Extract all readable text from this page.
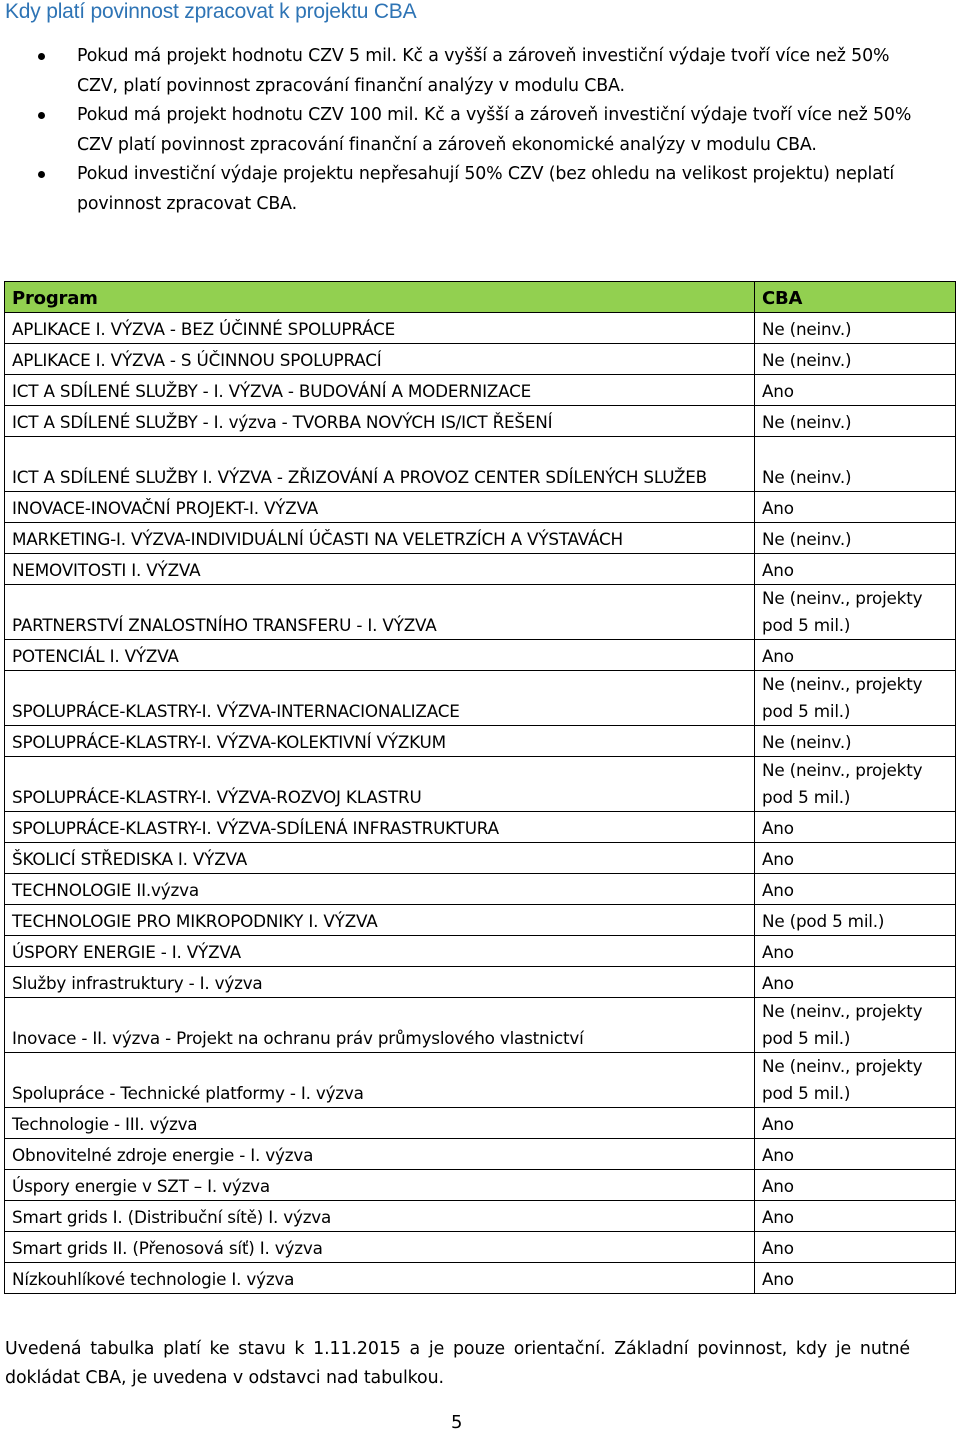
Kdy platí povinnost zpracovat k projektu CBA
Pokud má projekt hodnotu CZV 5 mil. Kč a vyšší a zároveň investiční výdaje tvoří více než 50% CZV, platí povinnost zpracování finanční analýzy v modulu CBA.
Pokud má projekt hodnotu CZV 100 mil. Kč a vyšší a zároveň investiční výdaje tvoří více než 50% CZV platí povinnost zpracování finanční a zároveň ekonomické analýzy v modulu CBA.
Pokud investiční výdaje projektu nepřesahují 50% CZV (bez ohledu na velikost projektu) neplatí povinnost zpracovat CBA.
Program	CBA
APLIKACE I. VÝZVA - BEZ ÚČINNÉ SPOLUPRÁCE	Ne (neinv.)
APLIKACE I. VÝZVA - S ÚČINNOU SPOLUPRACÍ	Ne (neinv.)
ICT A SDÍLENÉ SLUŽBY - I. VÝZVA - BUDOVÁNÍ A MODERNIZACE	Ano
ICT A SDÍLENÉ SLUŽBY - I. výzva - TVORBA NOVÝCH IS/ICT ŘEŠENÍ	Ne (neinv.)
ICT A SDÍLENÉ SLUŽBY I. VÝZVA - ZŘIZOVÁNÍ A PROVOZ CENTER SDÍLENÝCH SLUŽEB	Ne (neinv.)
INOVACE-INOVAČNÍ PROJEKT-I. VÝZVA	Ano
MARKETING-I. VÝZVA-INDIVIDUÁLNÍ ÚČASTI NA VELETRZÍCH A VÝSTAVÁCH	Ne (neinv.)
NEMOVITOSTI I. VÝZVA	Ano
PARTNERSTVÍ ZNALOSTNÍHO TRANSFERU - I. VÝZVA	Ne (neinv., projekty pod 5 mil.)
POTENCIÁL I. VÝZVA	Ano
SPOLUPRÁCE-KLASTRY-I. VÝZVA-INTERNACIONALIZACE	Ne (neinv., projekty pod 5 mil.)
SPOLUPRÁCE-KLASTRY-I. VÝZVA-KOLEKTIVNÍ VÝZKUM	Ne (neinv.)
SPOLUPRÁCE-KLASTRY-I. VÝZVA-ROZVOJ KLASTRU	Ne (neinv., projekty pod 5 mil.)
SPOLUPRÁCE-KLASTRY-I. VÝZVA-SDÍLENÁ INFRASTRUKTURA	Ano
ŠKOLICÍ STŘEDISKA I. VÝZVA	Ano
TECHNOLOGIE II.výzva	Ano
TECHNOLOGIE PRO MIKROPODNIKY I. VÝZVA	Ne (pod 5 mil.)
ÚSPORY ENERGIE - I. VÝZVA	Ano
Služby infrastruktury - I. výzva	Ano
Inovace - II. výzva - Projekt na ochranu práv průmyslového vlastnictví	Ne (neinv., projekty pod 5 mil.)
Spolupráce - Technické platformy - I. výzva	Ne (neinv., projekty pod 5 mil.)
Technologie - III. výzva	Ano
Obnovitelné zdroje energie - I. výzva	Ano
Úspory energie v SZT – I. výzva	Ano
Smart grids I. (Distribuční sítě) I. výzva	Ano
Smart grids II. (Přenosová síť) I. výzva	Ano
Nízkouhlíkové technologie I. výzva	Ano
Uvedená tabulka platí ke stavu k 1.11.2015 a je pouze orientační. Základní povinnost, kdy je nutné dokládat CBA, je uvedena v odstavci nad tabulkou.
5
